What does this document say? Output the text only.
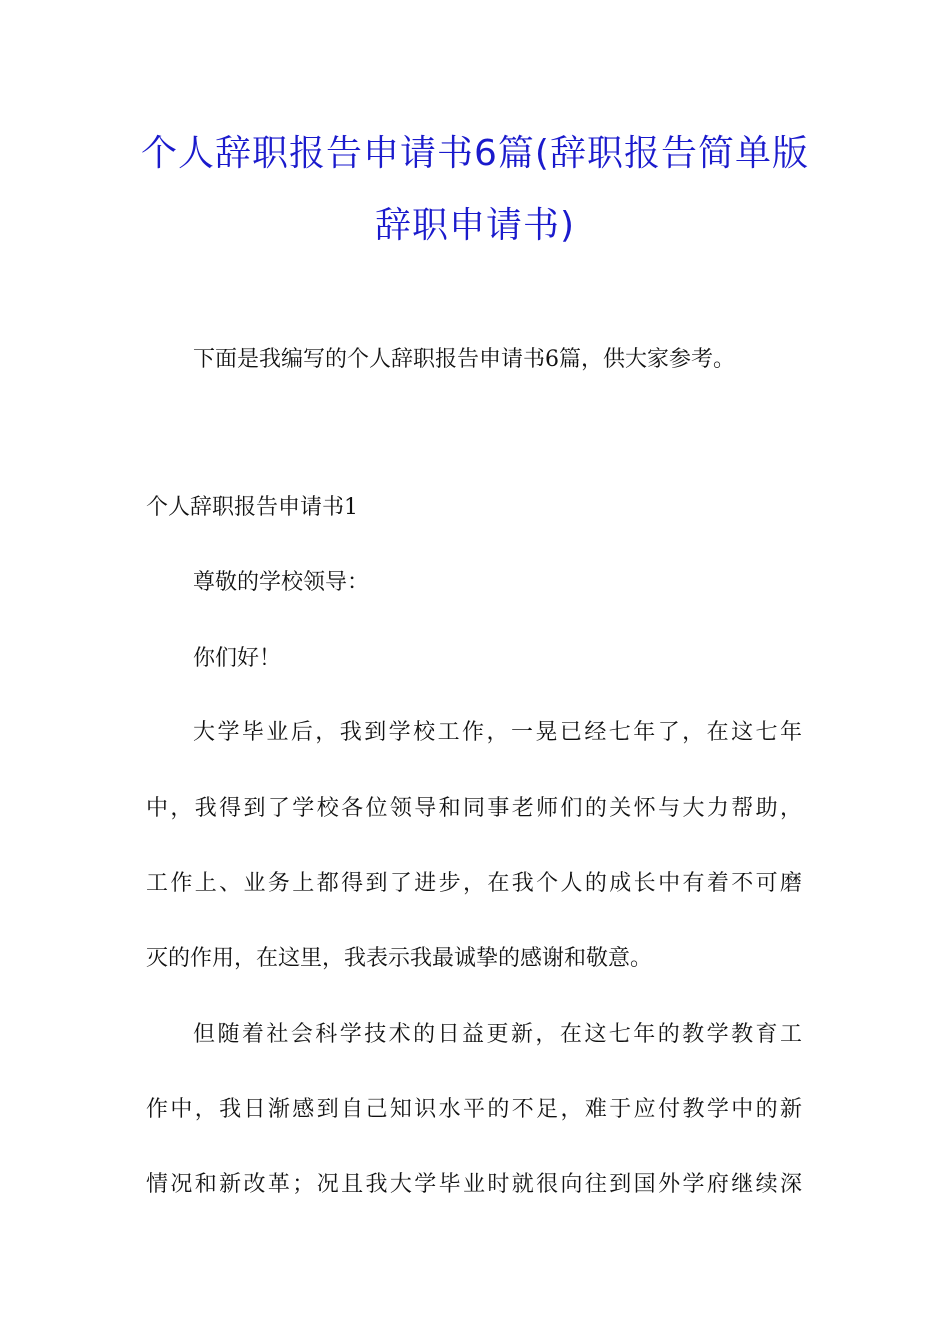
个人辞职报告申请书6篇(辞职报告简单版
辞职申请书)
下面是我编写的个人辞职报告申请书6篇，供大家参考。
个人辞职报告申请书1
尊敬的学校领导：
你们好！
大学毕业后，我到学校工作，一晃已经七年了，在这七年
中，我得到了学校各位领导和同事老师们的关怀与大力帮助，
工作上、业务上都得到了进步，在我个人的成长中有着不可磨
灭的作用，在这里，我表示我最诚挚的感谢和敬意。
但随着社会科学技术的日益更新，在这七年的教学教育工
作中，我日渐感到自己知识水平的不足，难于应付教学中的新
情况和新改革；况且我大学毕业时就很向往到国外学府继续深
